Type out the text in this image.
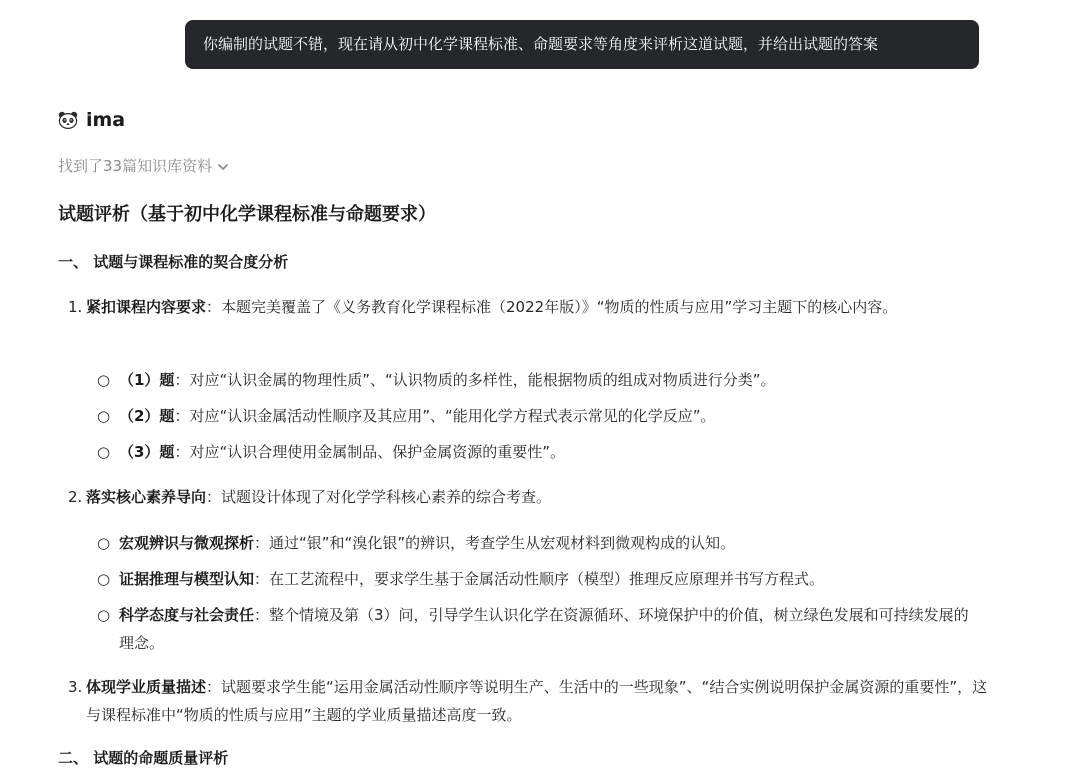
你编制的试题不错，现在请从初中化学课程标准、命题要求等角度来评析这道试题，并给出试题的答案
ima
找到了33篇知识库资料
试题评析（基于初中化学课程标准与命题要求）
一、 试题与课程标准的契合度分析
1. 紧扣课程内容要求：本题完美覆盖了《义务教育化学课程标准（2022年版）》“物质的性质与应用”学习主题下的核心内容。
○ （1）题：对应“认识金属的物理性质”、“认识物质的多样性，能根据物质的组成对物质进行分类”。
○ （2）题：对应“认识金属活动性顺序及其应用”、“能用化学方程式表示常见的化学反应”。
○ （3）题：对应“认识合理使用金属制品、保护金属资源的重要性”。
2. 落实核心素养导向：试题设计体现了对化学学科核心素养的综合考查。
○ 宏观辨识与微观探析：通过“银”和“溴化银”的辨识，考查学生从宏观材料到微观构成的认知。
○ 证据推理与模型认知：在工艺流程中，要求学生基于金属活动性顺序（模型）推理反应原理并书写方程式。
○ 科学态度与社会责任：整个情境及第（3）问，引导学生认识化学在资源循环、环境保护中的价值，树立绿色发展和可持续发展的理念。
3. 体现学业质量描述：试题要求学生能“运用金属活动性顺序等说明生产、生活中的一些现象”、“结合实例说明保护金属资源的重要性”，这与课程标准中“物质的性质与应用”主题的学业质量描述高度一致。
二、 试题的命题质量评析
